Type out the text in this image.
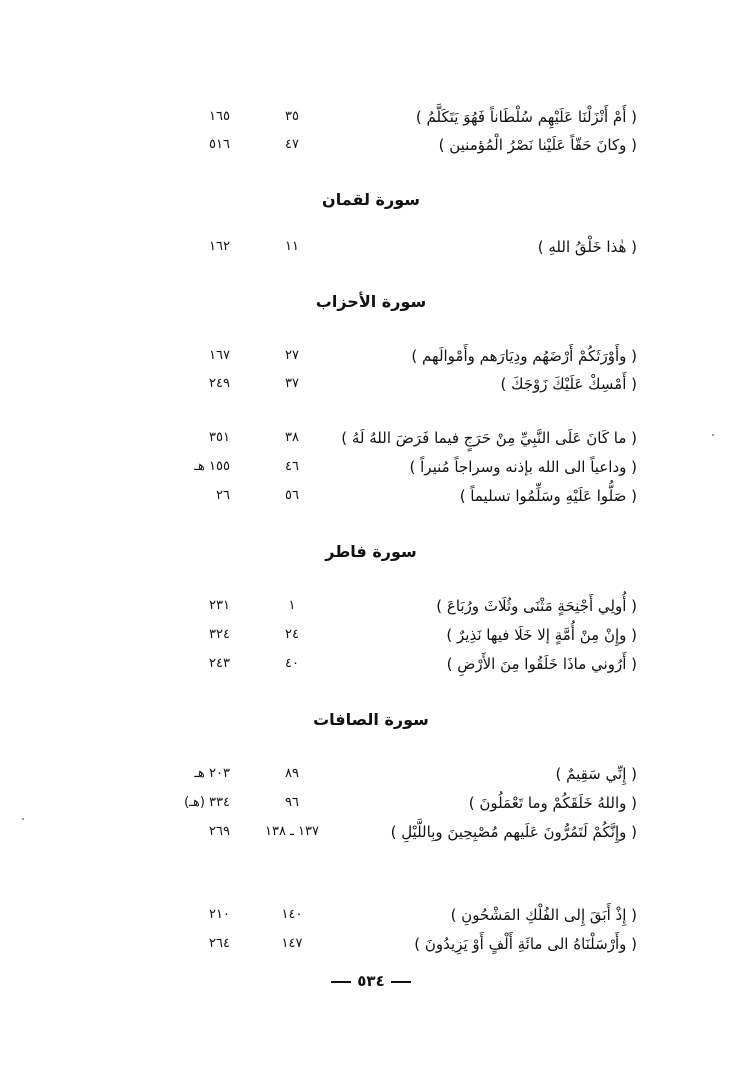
( أَمْ أَنْزَلْنَا عَلَيْهِم سُلْطَاناً فَهُوَ يَتَكَلَّمُ )
٣٥
١٦٥
( وكانَ حَقّاً عَلَيْنا نَصْرُ الْمُؤمنين )
٤٧
٥١٦
سورة لقمان
( هٰذا خَلْقُ اللهِ )
١١
١٦٢
سورة الأحزاب
( وأَوْرَثَكُمْ أَرْضَهُم ودِيَارَهم وأَمْوالَهم )
٢٧
١٦٧
( أَمْسِكْ عَلَيْكَ زَوْجَكَ )
٣٧
٢٤٩
( ما كَانَ عَلَى النَّبِيِّ مِنْ حَرَجٍ فيما فَرَضَ اللهُ لَهُ )
٣٨
٣٥١
( وداعياً الى الله بإذنه وسراجاً مُنيراً )
٤٦
١٥٥ هـ
( صَلُّوا عَلَيْهِ وسَلِّمُوا تسليماً )
٥٦
٢٦
سورة فاطر
( أُولِي أَجْنِحَةٍ مَثْنَى وثُلَاثَ ورُبَاعَ )
١
٢٣١
( وإِنْ مِنْ أُمَّةٍ إلا خَلَا فيها نَذِيرٌ )
٢٤
٣٢٤
( أَرُوني ماذَا خَلَقُوا مِنَ الأَرْضِ )
٤٠
٢٤٣
سورة الصافات
( إِنِّي سَقِيمٌ )
٨٩
٢٠٣ هـ
( واللهُ خَلَقَكُمْ وما تَعْمَلُونَ )
٩٦
٣٣٤ (هـ)
( وإِنَّكُمْ لَتَمُرُّونَ عَلَيهم مُصْبِحِينَ وبِاللَّيْلِ )
١٣٧ ـ ١٣٨
٢٦٩
( إِذْ أَبَقَ إِلى الفُلْكِ المَشْحُونِ )
١٤٠
٢١٠
( وأَرْسَلْنَاهُ الى مائَةِ أَلْفٍ أَوْ يَزِيدُونَ )
١٤٧
٢٦٤
٥٣٤
